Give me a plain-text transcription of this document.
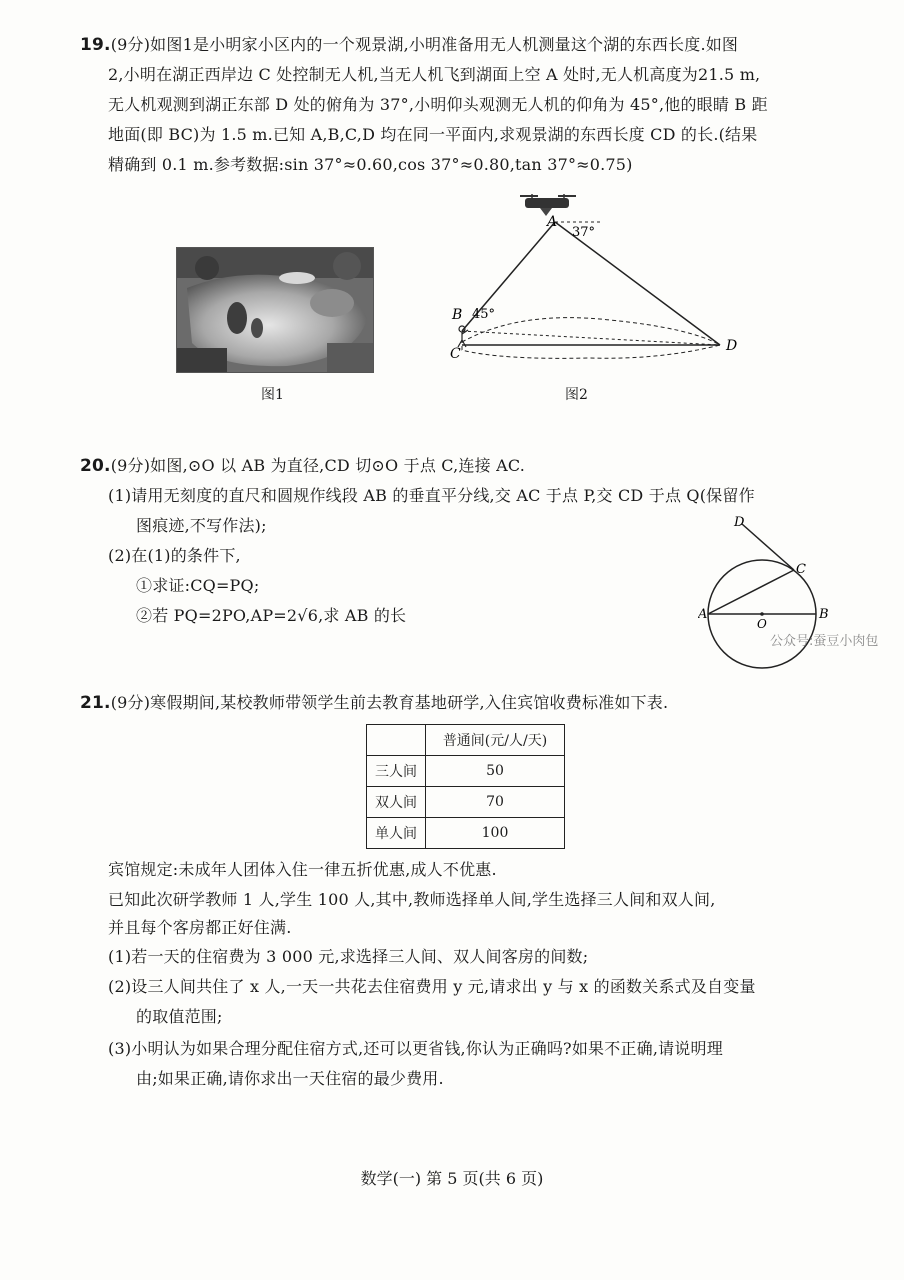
19.(9分)如图1是小明家小区内的一个观景湖,小明准备用无人机测量这个湖的东西长度.如图
2,小明在湖正西岸边 C 处控制无人机,当无人机飞到湖面上空 A 处时,无人机高度为21.5 m,
无人机观测到湖正东部 D 处的俯角为 37°,小明仰头观测无人机的仰角为 45°,他的眼睛 B 距
地面(即 BC)为 1.5 m.已知 A,B,C,D 均在同一平面内,求观景湖的东西长度 CD 的长.(结果
精确到 0.1 m.参考数据:sin 37°≈0.60,cos 37°≈0.80,tan 37°≈0.75)
图1
A
37°
B 45°
C	D
图2
20.(9分)如图,⊙O 以 AB 为直径,CD 切⊙O 于点 C,连接 AC.
(1)请用无刻度的直尺和圆规作线段 AB 的垂直平分线,交 AC 于点 P,交 CD 于点 Q(保留作
图痕迹,不写作法);
(2)在(1)的条件下,
①求证:CQ=PQ;
②若 PQ=2PO,AP=2√6,求 AB 的长
D
C
A	B
O
公众号:蚕豆小肉包
21.(9分)寒假期间,某校教师带领学生前去教育基地研学,入住宾馆收费标准如下表.
	普通间(元/人/天)
三人间	50
双人间	70
单人间	100
宾馆规定:未成年人团体入住一律五折优惠,成人不优惠.
已知此次研学教师 1 人,学生 100 人,其中,教师选择单人间,学生选择三人间和双人间,
并且每个客房都正好住满.
(1)若一天的住宿费为 3 000 元,求选择三人间、双人间客房的间数;
(2)设三人间共住了 x 人,一天一共花去住宿费用 y 元,请求出 y 与 x 的函数关系式及自变量
的取值范围;
(3)小明认为如果合理分配住宿方式,还可以更省钱,你认为正确吗?如果不正确,请说明理
由;如果正确,请你求出一天住宿的最少费用.
数学(一) 第 5 页(共 6 页)
